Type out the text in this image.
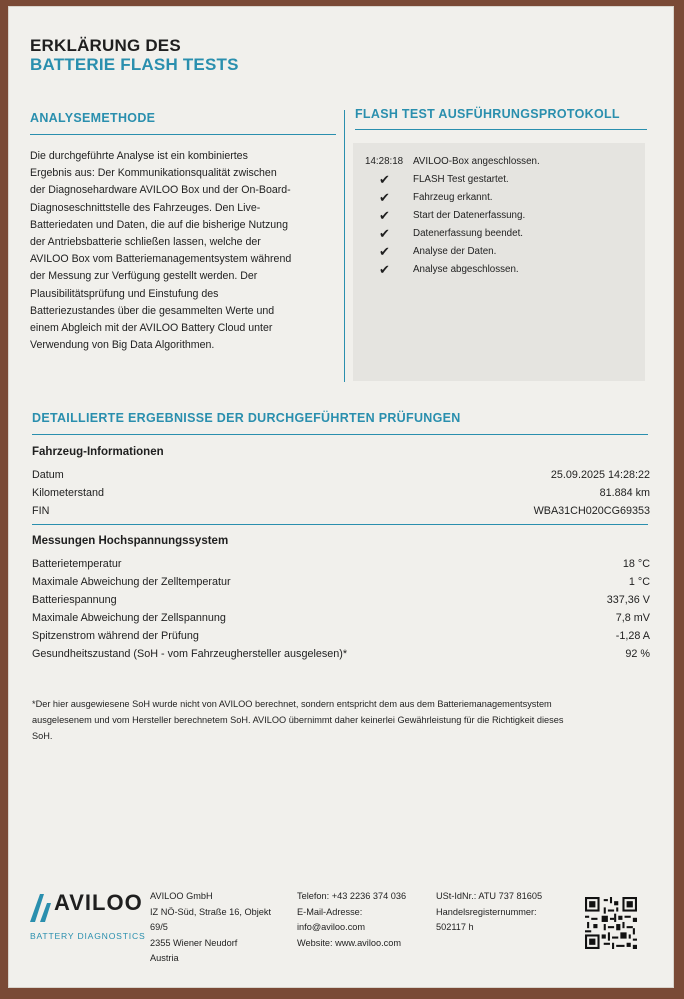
ERKLÄRUNG DES
BATTERIE FLASH TESTS
ANALYSEMETHODE
Die durchgeführte Analyse ist ein kombiniertes
Ergebnis aus: Der Kommunikationsqualität zwischen
der Diagnosehardware AVILOO Box und der On-Board-
Diagnoseschnittstelle des Fahrzeuges. Den Live-
Batteriedaten und Daten, die auf die bisherige Nutzung
der Antriebsbatterie schließen lassen, welche der
AVILOO Box vom Batteriemanagementsystem während
der Messung zur Verfügung gestellt werden. Der
Plausibilitätsprüfung und Einstufung des
Batteriezustandes über die gesammelten Werte und
einem Abgleich mit der AVILOO Battery Cloud unter
Verwendung von Big Data Algorithmen.
FLASH TEST AUSFÜHRUNGSPROTOKOLL
14:28:18	AVILOO-Box angeschlossen.
✔ FLASH Test gestartet.
✔ Fahrzeug erkannt.
✔ Start der Datenerfassung.
✔ Datenerfassung beendet.
✔ Analyse der Daten.
✔ Analyse abgeschlossen.
DETAILLIERTE ERGEBNISSE DER DURCHGEFÜHRTEN PRÜFUNGEN
Fahrzeug-Informationen
Datum	25.09.2025 14:28:22
Kilometerstand	81.884 km
FIN	WBA31CH020CG69353
Messungen Hochspannungssystem
Batterietemperatur	18 °C
Maximale Abweichung der Zelltemperatur	1 °C
Batteriespannung	337,36 V
Maximale Abweichung der Zellspannung	7,8 mV
Spitzenstrom während der Prüfung	-1,28 A
Gesundheitszustand (SoH - vom Fahrzeughersteller ausgelesen)*	92 %
*Der hier ausgewiesene SoH wurde nicht von AVILOO berechnet, sondern entspricht dem aus dem Batteriemanagementsystem
ausgelesenem und vom Hersteller berechnetem SoH. AVILOO übernimmt daher keinerlei Gewährleistung für die Richtigkeit dieses
SoH.
AVILOO
BATTERY DIAGNOSTICS
AVILOO GmbH
IZ NÖ-Süd, Straße 16, Objekt
69/5
2355 Wiener Neudorf
Austria
Telefon: +43 2236 374 036
E-Mail-Adresse:
info@aviloo.com
Website: www.aviloo.com
USt-IdNr.: ATU 737 81605
Handelsregisternummer:
502117 h
